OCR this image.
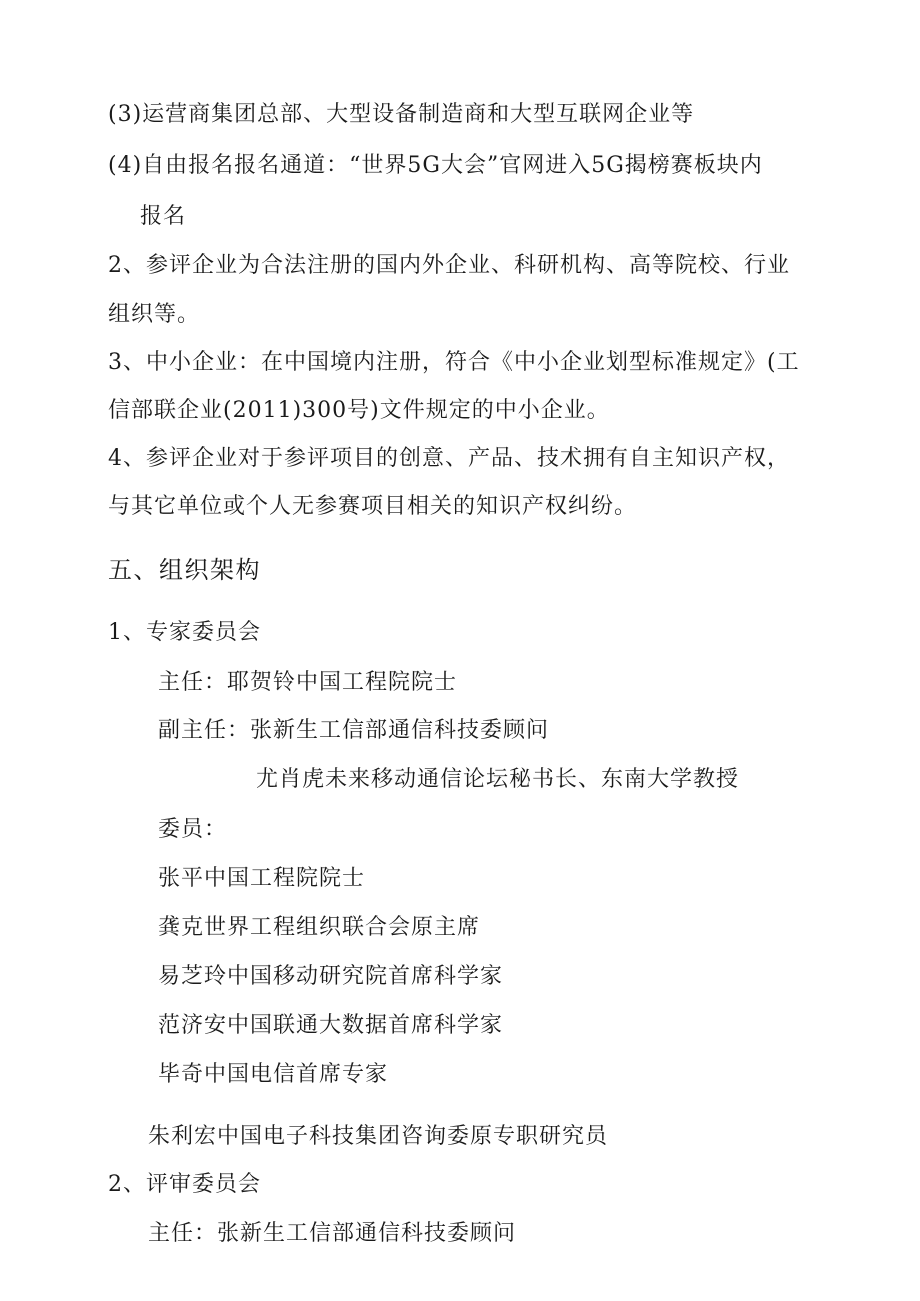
(3)运营商集团总部、大型设备制造商和大型互联网企业等
(4)自由报名报名通道：“世界5G大会”官网进入5G揭榜赛板块内
报名
2、参评企业为合法注册的国内外企业、科研机构、高等院校、行业
组织等。
3、中小企业：在中国境内注册，符合《中小企业划型标准规定》(工
信部联企业(2011)300号)文件规定的中小企业。
4、参评企业对于参评项目的创意、产品、技术拥有自主知识产权，
与其它单位或个人无参赛项目相关的知识产权纠纷。
五、组织架构
1、专家委员会
主任：耶贺铃中国工程院院士
副主任：张新生工信部通信科技委顾问
尤肖虎未来移动通信论坛秘书长、东南大学教授
委员：
张平中国工程院院士
龚克世界工程组织联合会原主席
易芝玲中国移动研究院首席科学家
范济安中国联通大数据首席科学家
毕奇中国电信首席专家
朱利宏中国电子科技集团咨询委原专职研究员
2、评审委员会
主任：张新生工信部通信科技委顾问
